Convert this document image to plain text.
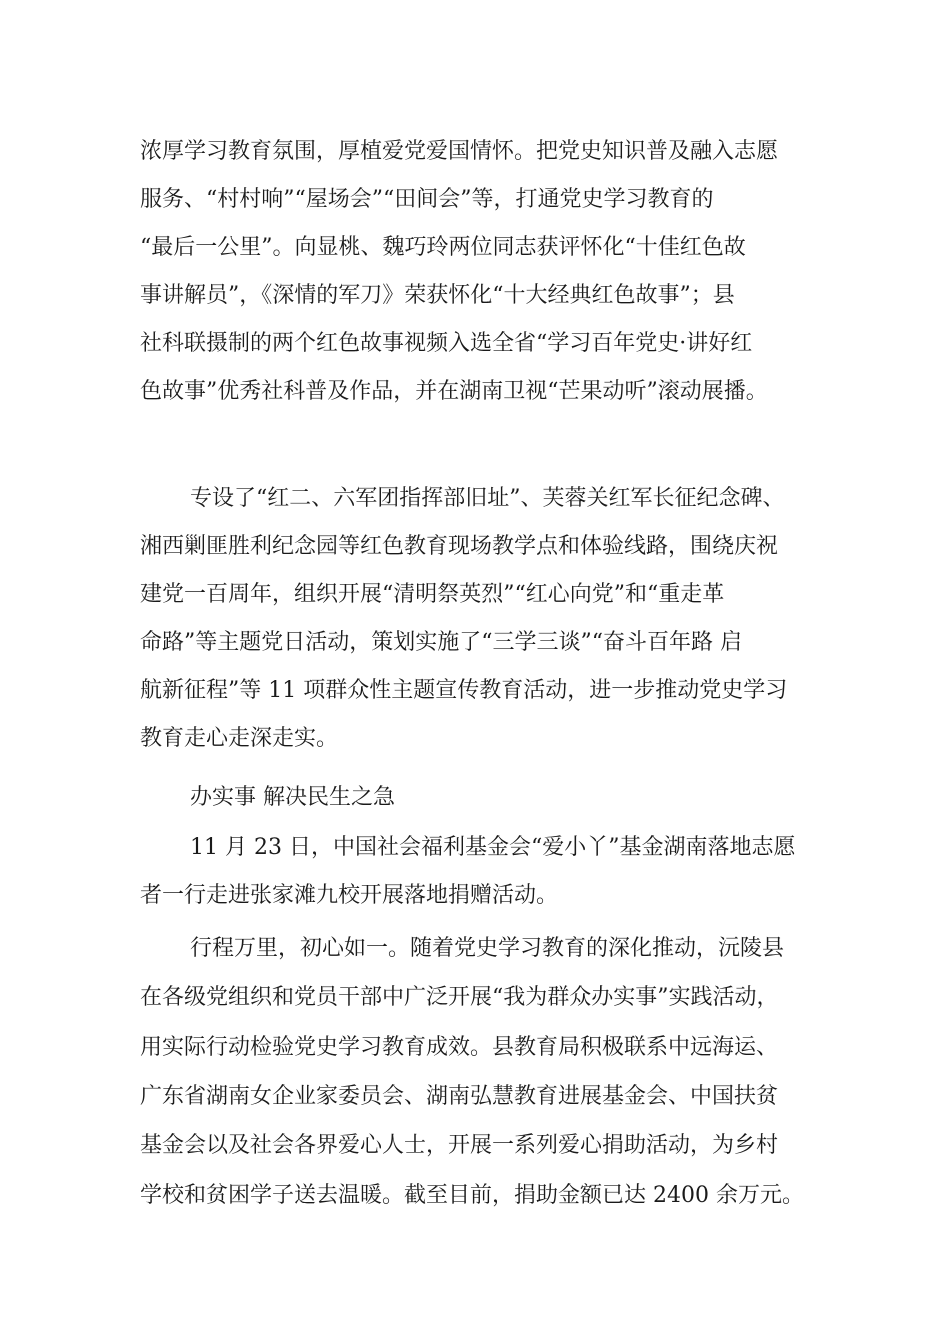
浓厚学习教育氛围，厚植爱党爱国情怀。把党史知识普及融入志愿
服务、“村村响”“屋场会”“田间会”等，打通党史学习教育的
“最后一公里”。向显桃、魏巧玲两位同志获评怀化“十佳红色故
事讲解员”，《深情的军刀》荣获怀化“十大经典红色故事”；县
社科联摄制的两个红色故事视频入选全省“学习百年党史·讲好红
色故事”优秀社科普及作品，并在湖南卫视“芒果动听”滚动展播。
专设了“红二、六军团指挥部旧址”、芙蓉关红军长征纪念碑、
湘西剿匪胜利纪念园等红色教育现场教学点和体验线路，围绕庆祝
建党一百周年，组织开展“清明祭英烈”“红心向党”和“重走革
命路”等主题党日活动，策划实施了“三学三谈”“奋斗百年路 启
航新征程”等 11 项群众性主题宣传教育活动，进一步推动党史学习
教育走心走深走实。
办实事 解决民生之急
11 月 23 日，中国社会福利基金会“爱小丫”基金湖南落地志愿
者一行走进张家滩九校开展落地捐赠活动。
行程万里，初心如一。随着党史学习教育的深化推动，沅陵县
在各级党组织和党员干部中广泛开展“我为群众办实事”实践活动，
用实际行动检验党史学习教育成效。县教育局积极联系中远海运、
广东省湖南女企业家委员会、湖南弘慧教育进展基金会、中国扶贫
基金会以及社会各界爱心人士，开展一系列爱心捐助活动，为乡村
学校和贫困学子送去温暖。截至目前，捐助金额已达 2400 余万元。
